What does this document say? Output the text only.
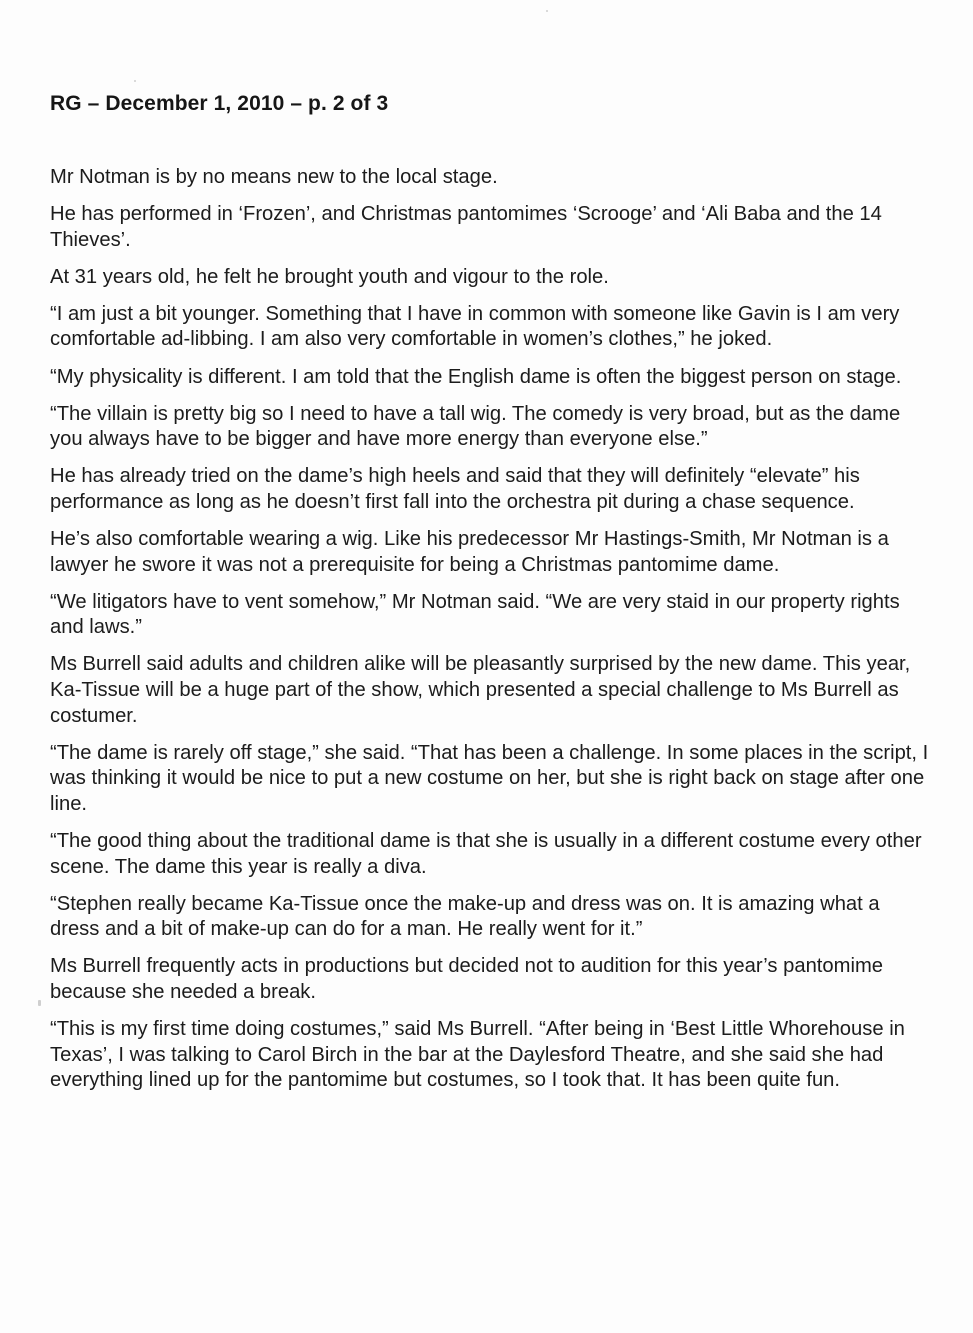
RG – December 1, 2010 – p. 2 of 3

Mr Notman is by no means new to the local stage.

He has performed in ‘Frozen’, and Christmas pantomimes ‘Scrooge’ and ‘Ali Baba and the 14 Thieves’.

At 31 years old, he felt he brought youth and vigour to the role.

“I am just a bit younger. Something that I have in common with someone like Gavin is I am very comfortable ad-libbing. I am also very comfortable in women’s clothes,” he joked.

“My physicality is different. I am told that the English dame is often the biggest person on stage.

“The villain is pretty big so I need to have a tall wig. The comedy is very broad, but as the dame you always have to be bigger and have more energy than everyone else.”

He has already tried on the dame’s high heels and said that they will definitely “elevate” his performance as long as he doesn’t first fall into the orchestra pit during a chase sequence.

He’s also comfortable wearing a wig. Like his predecessor Mr Hastings-Smith, Mr Notman is a lawyer he swore it was not a prerequisite for being a Christmas pantomime dame.

“We litigators have to vent somehow,” Mr Notman said. “We are very staid in our property rights and laws.”

Ms Burrell said adults and children alike will be pleasantly surprised by the new dame. This year, Ka-Tissue will be a huge part of the show, which presented a special challenge to Ms Burrell as costumer.

“The dame is rarely off stage,” she said. “That has been a challenge. In some places in the script, I was thinking it would be nice to put a new costume on her, but she is right back on stage after one line.

“The good thing about the traditional dame is that she is usually in a different costume every other scene. The dame this year is really a diva.

“Stephen really became Ka-Tissue once the make-up and dress was on. It is amazing what a dress and a bit of make-up can do for a man. He really went for it.”

Ms Burrell frequently acts in productions but decided not to audition for this year’s pantomime because she needed a break.

“This is my first time doing costumes,” said Ms Burrell. “After being in ‘Best Little Whorehouse in Texas’, I was talking to Carol Birch in the bar at the Daylesford Theatre, and she said she had everything lined up for the pantomime but costumes, so I took that. It has been quite fun.
